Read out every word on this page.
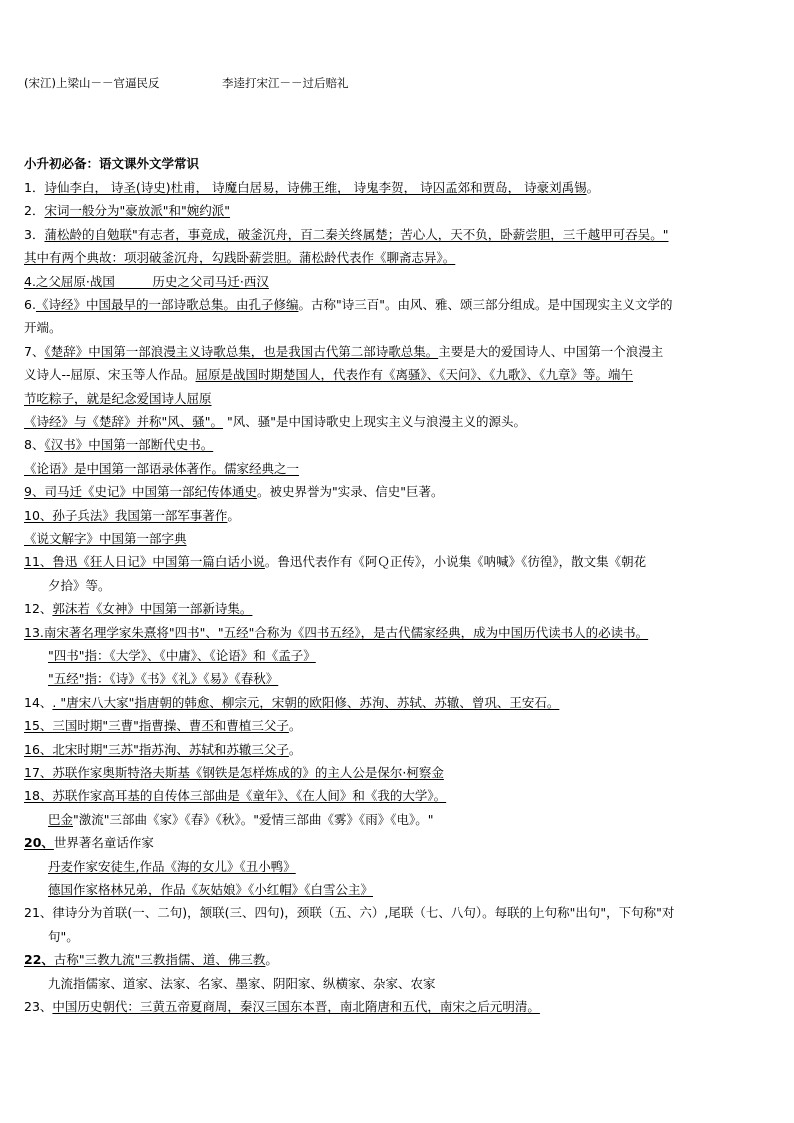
(宋江)上梁山－－官逼民反	李逵打宋江－－过后赔礼
小升初必备：语文课外文学常识
1．诗仙李白， 诗圣(诗史)杜甫， 诗魔白居易，诗佛王维， 诗鬼李贺， 诗囚孟郊和贾岛， 诗豪刘禹锡。
2．宋词一般分为"豪放派"和"婉约派"
3．蒲松龄的自勉联"有志者，事竟成，破釜沉舟，百二秦关终属楚；苦心人，天不负，卧薪尝胆，三千越甲可吞吴。"
其中有两个典故：项羽破釜沉舟，勾践卧薪尝胆。蒲松龄代表作《聊斋志异》。
4.之父屈原·战国　　　历史之父司马迁·西汉
6.《诗经》中国最早的一部诗歌总集。由孔子修编。古称"诗三百"。由风、雅、颂三部分组成。是中国现实主义文学的
开端。
7、《楚辞》中国第一部浪漫主义诗歌总集，也是我国古代第二部诗歌总集。主要是大的爱国诗人、中国第一个浪漫主
义诗人--屈原、宋玉等人作品。屈原是战国时期楚国人，代表作有《离骚》、《天问》、《九歌》、《九章》等。端午
节吃粽子，就是纪念爱国诗人屈原
《诗经》与《楚辞》并称"风、骚"。 "风、骚"是中国诗歌史上现实主义与浪漫主义的源头。
8、《汉书》中国第一部断代史书。
《论语》是中国第一部语录体著作。儒家经典之一
9、司马迁《史记》中国第一部纪传体通史。被史界誉为"实录、信史"巨著。
10、孙子兵法》我国第一部军事著作。
《说文解字》中国第一部字典
11、鲁迅《狂人日记》中国第一篇白话小说。鲁迅代表作有《阿Ｑ正传》，小说集《呐喊》《彷徨》，散文集《朝花
夕拾》等。
12、郭沫若《女神》中国第一部新诗集。
13.南宋著名理学家朱熹将"四书"、"五经"合称为《四书五经》，是古代儒家经典，成为中国历代读书人的必读书。
"四书"指：《大学》、《中庸》、《论语》和《孟子》
"五经"指：《诗》《书》《礼》《易》《春秋》
14、. "唐宋八大家"指唐朝的韩愈、柳宗元，宋朝的欧阳修、苏洵、苏轼、苏辙、曾巩、王安石。
15、三国时期"三曹"指曹操、曹丕和曹植三父子。
16、北宋时期"三苏"指苏洵、苏轼和苏辙三父子。
17、苏联作家奥斯特洛夫斯基《钢铁是怎样炼成的》的主人公是保尔·柯察金
18、苏联作家高耳基的自传体三部曲是《童年》、《在人间》和《我的大学》。
巴金"激流"三部曲《家》《春》《秋》。"爱情三部曲《雾》《雨》《电》。"
20、世界著名童话作家
丹麦作家安徒生,作品《海的女儿》《丑小鸭》
德国作家格林兄弟，作品《灰姑娘》《小红帽》《白雪公主》
21、律诗分为首联(一、二句)，颔联(三、四句)，颈联（五、六）,尾联（七、八句）。每联的上句称"出句"，下句称"对
句"。
22、古称"三教九流"三教指儒、道、佛三教。
九流指儒家、道家、法家、名家、墨家、阴阳家、纵横家、杂家、农家
23、中国历史朝代：三黄五帝夏商周，秦汉三国东本晋，南北隋唐和五代，南宋之后元明清。
